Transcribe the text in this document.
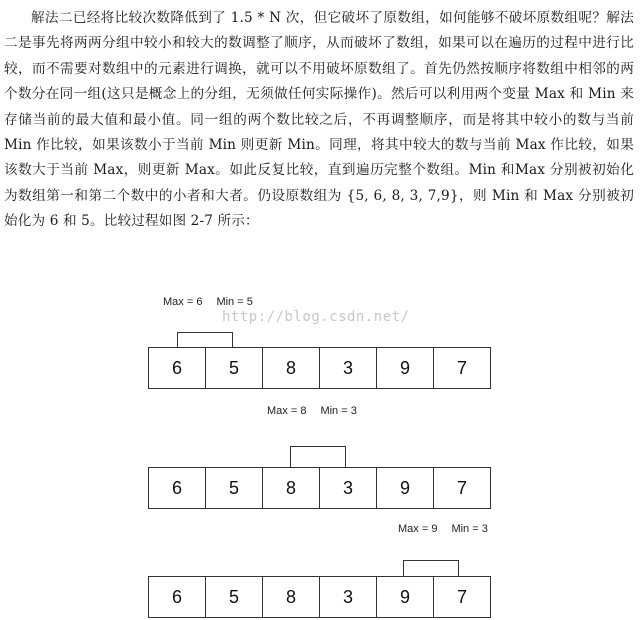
解法二已经将比较次数降低到了 1.5 * N 次，但它破坏了原数组，如何能够不破坏原数组呢？解法二是事先将两两分组中较小和较大的数调整了顺序，从而破坏了数组，如果可以在遍历的过程中进行比较，而不需要对数组中的元素进行调换，就可以不用破坏原数组了。首先仍然按顺序将数组中相邻的两个数分在同一组(这只是概念上的分组，无须做任何实际操作)。然后可以利用两个变量 Max 和 Min 来存储当前的最大值和最小值。同一组的两个数比较之后，不再调整顺序，而是将其中较小的数与当前 Min 作比较，如果该数小于当前 Min 则更新 Min。同理，将其中较大的数与当前 Max 作比较，如果该数大于当前 Max，则更新 Max。如此反复比较，直到遍历完整个数组。Min 和Max 分别被初始化为数组第一和第二个数中的小者和大者。仍设原数组为 {5, 6, 8, 3, 7,9}，则 Min 和 Max 分别被初始化为 6 和 5。比较过程如图 2-7 所示：

http://blog.csdn.net/
Max = 6 Min = 5
6	5	8	3	9	7
Max = 8 Min = 3
6	5	8	3	9	7
Max = 9 Min = 3
6	5	8	3	9	7
